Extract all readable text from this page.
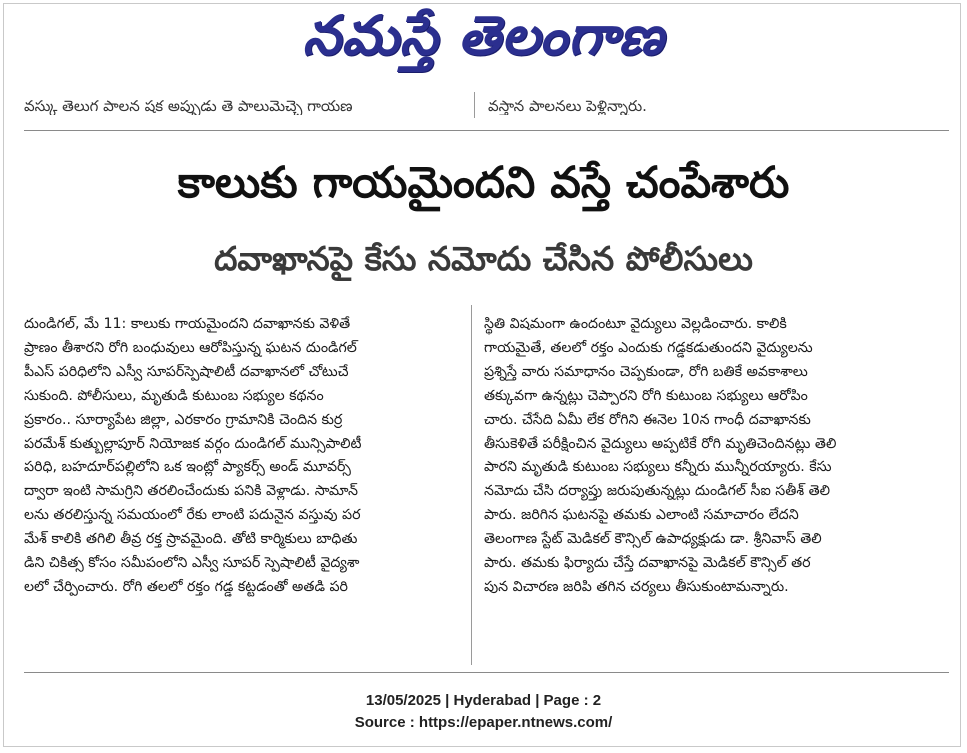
నమస్తే తెలంగాణ
వస్కు తెలుగ పాలన షక అప్పుడు తె పాలుమెచ్చె గాయణ	వస్తాన పాలనలు పెళ్లిన్నారు.
కాలుకు గాయమైందని వస్తే చంపేశారు
దవాఖానపై కేసు నమోదు చేసిన పోలీసులు
దుండిగల్, మే 11: కాలుకు గాయమైందని దవాఖానకు వెళితే
ప్రాణం తీశారని రోగి బంధువులు ఆరోపిస్తున్న ఘటన దుండిగల్
పీఎస్ పరిధిలోని ఎస్వీ సూపర్‌స్పెషాలిటీ దవాఖానలో చోటుచే
సుకుంది. పోలీసులు, మృతుడి కుటుంబ సభ్యుల కథనం
ప్రకారం.. సూర్యాపేట జిల్లా, ఎరకారం గ్రామానికి చెందిన కుర్ర
పరమేశ్ కుత్బుల్లాపూర్ నియోజక వర్గం దుండిగల్ మున్సిపాలిటీ
పరిధి, బహదూర్‌పల్లిలోని ఒక ఇంట్లో ప్యాకర్స్ అండ్ మూవర్స్
ద్వారా ఇంటి సామగ్రిని తరలించేందుకు పనికి వెళ్లాడు. సామాన్
లను తరలిస్తున్న సమయంలో రేకు లాంటి పదునైన వస్తువు పర
మేశ్ కాలికి తగిలి తీవ్ర రక్త స్రావమైంది. తోటి కార్మికులు బాధితు
డిని చికిత్స కోసం సమీపంలోని ఎస్వీ సూపర్ స్పెషాలిటీ వైద్యశా
లలో చేర్పించారు. రోగి తలలో రక్తం గడ్డ కట్టడంతో అతడి పరి
స్థితి విషమంగా ఉందంటూ వైద్యులు వెల్లడించారు. కాలికి
గాయమైతే, తలలో రక్తం ఎందుకు గడ్డకడుతుందని వైద్యులను
ప్రశ్నిస్తే వారు సమాధానం చెప్పకుండా, రోగి బతికే అవకాశాలు
తక్కువగా ఉన్నట్లు చెప్పారని రోగి కుటుంబ సభ్యులు ఆరోపిం
చారు. చేసేది ఏమీ లేక రోగిని ఈనెల 10న గాంధీ దవాఖానకు
తీసుకెళితే పరీక్షించిన వైద్యులు అప్పటికే రోగి మృతిచెందినట్లు తెలి
పారని మృతుడి కుటుంబ సభ్యులు కన్నీరు మున్నీరయ్యారు. కేసు
నమోదు చేసి దర్యాప్తు జరుపుతున్నట్లు దుండిగల్ సీఐ సతీశ్ తెలి
పారు. జరిగిన ఘటనపై తమకు ఎలాంటి సమాచారం లేదని
తెలంగాణ స్టేట్ మెడికల్ కౌన్సిల్ ఉపాధ్యక్షుడు డా. శ్రీనివాస్ తెలి
పారు. తమకు ఫిర్యాదు చేస్తే దవాఖానపై మెడికల్ కౌన్సిల్ తర
పున విచారణ జరిపి తగిన చర్యలు తీసుకుంటామన్నారు.
13/05/2025 | Hyderabad | Page : 2
Source : https://epaper.ntnews.com/
